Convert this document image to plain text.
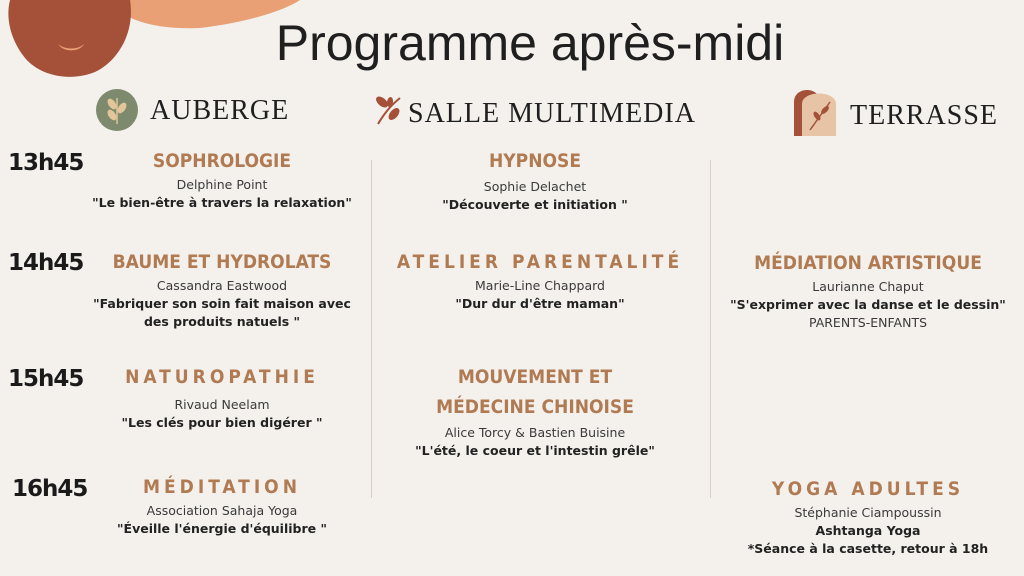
Programme après-midi
AUBERGE	SALLE MULTIMEDIA	TERRASSE
13h45
14h45
15h45
16h45
SOPHROLOGIE
Delphine Point
"Le bien-être à travers la relaxation"
HYPNOSE
Sophie Delachet
"Découverte et initiation "
BAUME ET HYDROLATS
Cassandra Eastwood
"Fabriquer son soin fait maison avec
des produits natuels "
ATELIER PARENTALITÉ
Marie-Line Chappard
"Dur dur d'être maman"
MÉDIATION ARTISTIQUE
Laurianne Chaput
"S'exprimer avec la danse et le dessin"
PARENTS-ENFANTS
NATUROPATHIE
Rivaud Neelam
"Les clés pour bien digérer "
MOUVEMENT ET
MÉDECINE CHINOISE
Alice Torcy & Bastien Buisine
"L'été, le coeur et l'intestin grêle"
MÉDITATION
Association Sahaja Yoga
"Éveille l'énergie d'équilibre "
YOGA ADULTES
Stéphanie Ciampoussin
Ashtanga Yoga
*Séance à la casette, retour à 18h
